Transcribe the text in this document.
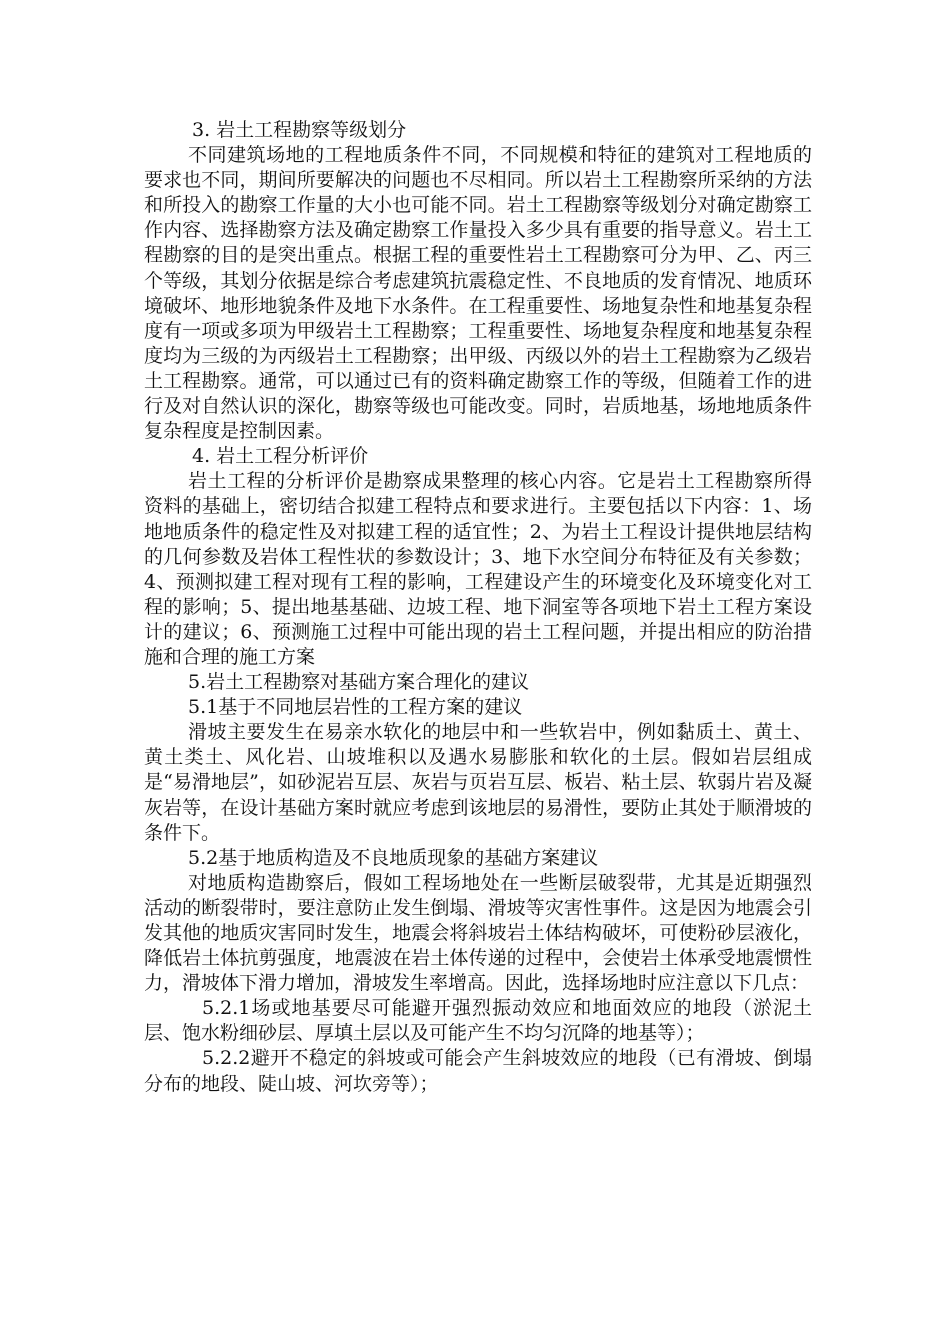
3. 岩土工程勘察等级划分

不同建筑场地的工程地质条件不同，不同规模和特征的建筑对工程地质的要求也不同，期间所要解决的问题也不尽相同。所以岩土工程勘察所采纳的方法和所投入的勘察工作量的大小也可能不同。岩土工程勘察等级划分对确定勘察工作内容、选择勘察方法及确定勘察工作量投入多少具有重要的指导意义。岩土工程勘察的目的是突出重点。根据工程的重要性岩土工程勘察可分为甲、乙、丙三个等级，其划分依据是综合考虑建筑抗震稳定性、不良地质的发育情况、地质环境破坏、地形地貌条件及地下水条件。在工程重要性、场地复杂性和地基复杂程度有一项或多项为甲级岩土工程勘察；工程重要性、场地复杂程度和地基复杂程度均为三级的为丙级岩土工程勘察；出甲级、丙级以外的岩土工程勘察为乙级岩土工程勘察。通常，可以通过已有的资料确定勘察工作的等级，但随着工作的进行及对自然认识的深化，勘察等级也可能改变。同时，岩质地基，场地地质条件复杂程度是控制因素。

4. 岩土工程分析评价

岩土工程的分析评价是勘察成果整理的核心内容。它是岩土工程勘察所得资料的基础上，密切结合拟建工程特点和要求进行。主要包括以下内容：1、场地地质条件的稳定性及对拟建工程的适宜性；2、为岩土工程设计提供地层结构的几何参数及岩体工程性状的参数设计；3、地下水空间分布特征及有关参数；4、预测拟建工程对现有工程的影响，工程建设产生的环境变化及环境变化对工程的影响；5、提出地基基础、边坡工程、地下洞室等各项地下岩土工程方案设计的建议；6、预测施工过程中可能出现的岩土工程问题，并提出相应的防治措施和合理的施工方案

5.岩土工程勘察对基础方案合理化的建议

5.1基于不同地层岩性的工程方案的建议

滑坡主要发生在易亲水软化的地层中和一些软岩中，例如黏质土、黄土、黄土类土、风化岩、山坡堆积以及遇水易膨胀和软化的土层。假如岩层组成是“易滑地层”，如砂泥岩互层、灰岩与页岩互层、板岩、粘土层、软弱片岩及凝灰岩等，在设计基础方案时就应考虑到该地层的易滑性，要防止其处于顺滑坡的条件下。

5.2基于地质构造及不良地质现象的基础方案建议

对地质构造勘察后，假如工程场地处在一些断层破裂带，尤其是近期强烈活动的断裂带时，要注意防止发生倒塌、滑坡等灾害性事件。这是因为地震会引发其他的地质灾害同时发生，地震会将斜坡岩土体结构破坏，可使粉砂层液化，降低岩土体抗剪强度，地震波在岩土体传递的过程中，会使岩土体承受地震惯性力，滑坡体下滑力增加，滑坡发生率增高。因此，选择场地时应注意以下几点：

5.2.1场或地基要尽可能避开强烈振动效应和地面效应的地段（淤泥土层、饱水粉细砂层、厚填土层以及可能产生不均匀沉降的地基等）；

5.2.2避开不稳定的斜坡或可能会产生斜坡效应的地段（已有滑坡、倒塌分布的地段、陡山坡、河坎旁等）；
